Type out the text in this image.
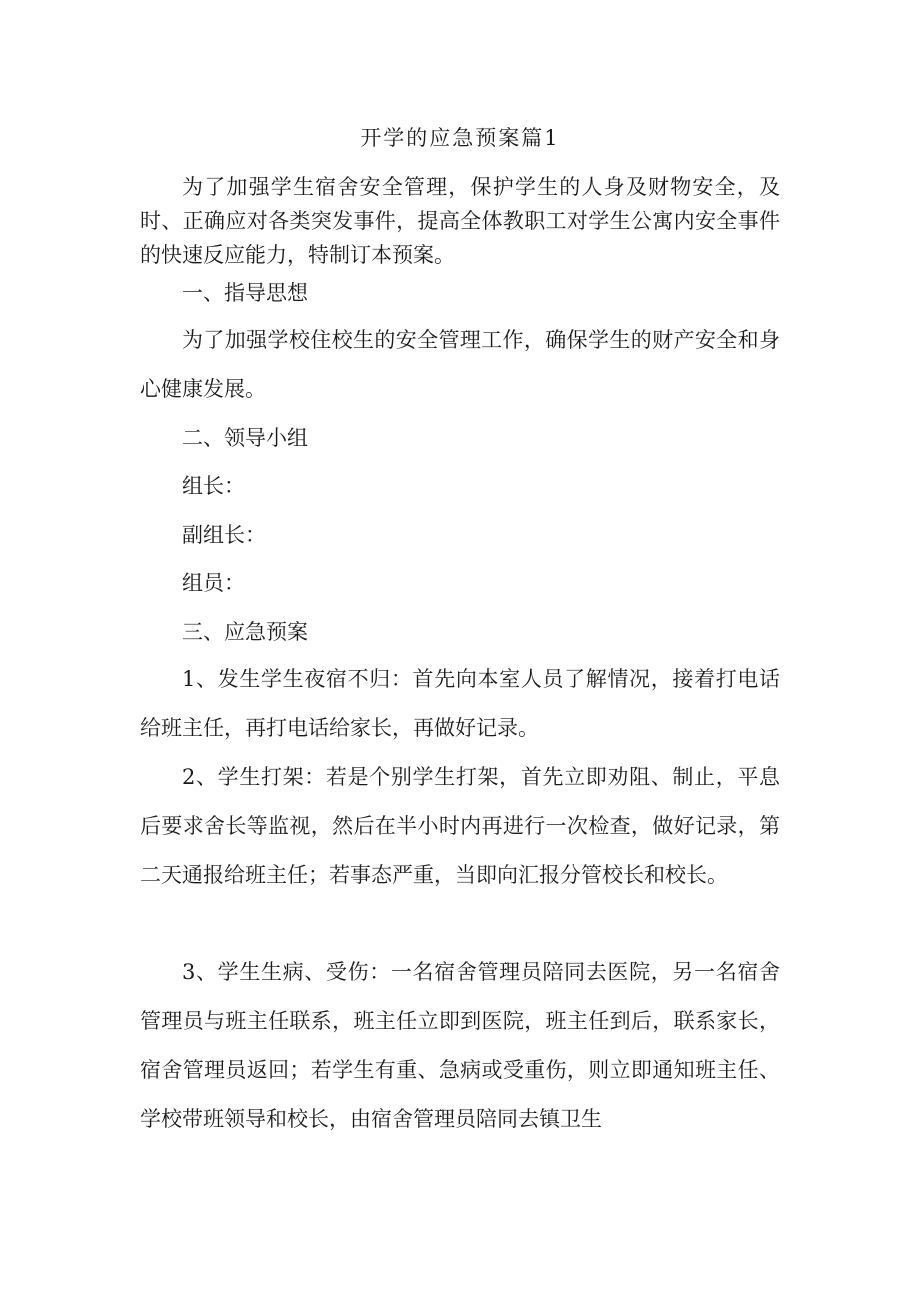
开学的应急预案篇1

为了加强学生宿舍安全管理，保护学生的人身及财物安全，及时、正确应对各类突发事件，提高全体教职工对学生公寓内安全事件的快速反应能力，特制订本预案。

一、指导思想

为了加强学校住校生的安全管理工作，确保学生的财产安全和身心健康发展。

二、领导小组

组长：

副组长：

组员：

三、应急预案

1、发生学生夜宿不归：首先向本室人员了解情况，接着打电话给班主任，再打电话给家长，再做好记录。

2、学生打架：若是个别学生打架，首先立即劝阻、制止，平息后要求舍长等监视，然后在半小时内再进行一次检查，做好记录，第二天通报给班主任；若事态严重，当即向汇报分管校长和校长。

3、学生生病、受伤：一名宿舍管理员陪同去医院，另一名宿舍管理员与班主任联系，班主任立即到医院，班主任到后，联系家长，宿舍管理员返回；若学生有重、急病或受重伤，则立即通知班主任、学校带班领导和校长，由宿舍管理员陪同去镇卫生
